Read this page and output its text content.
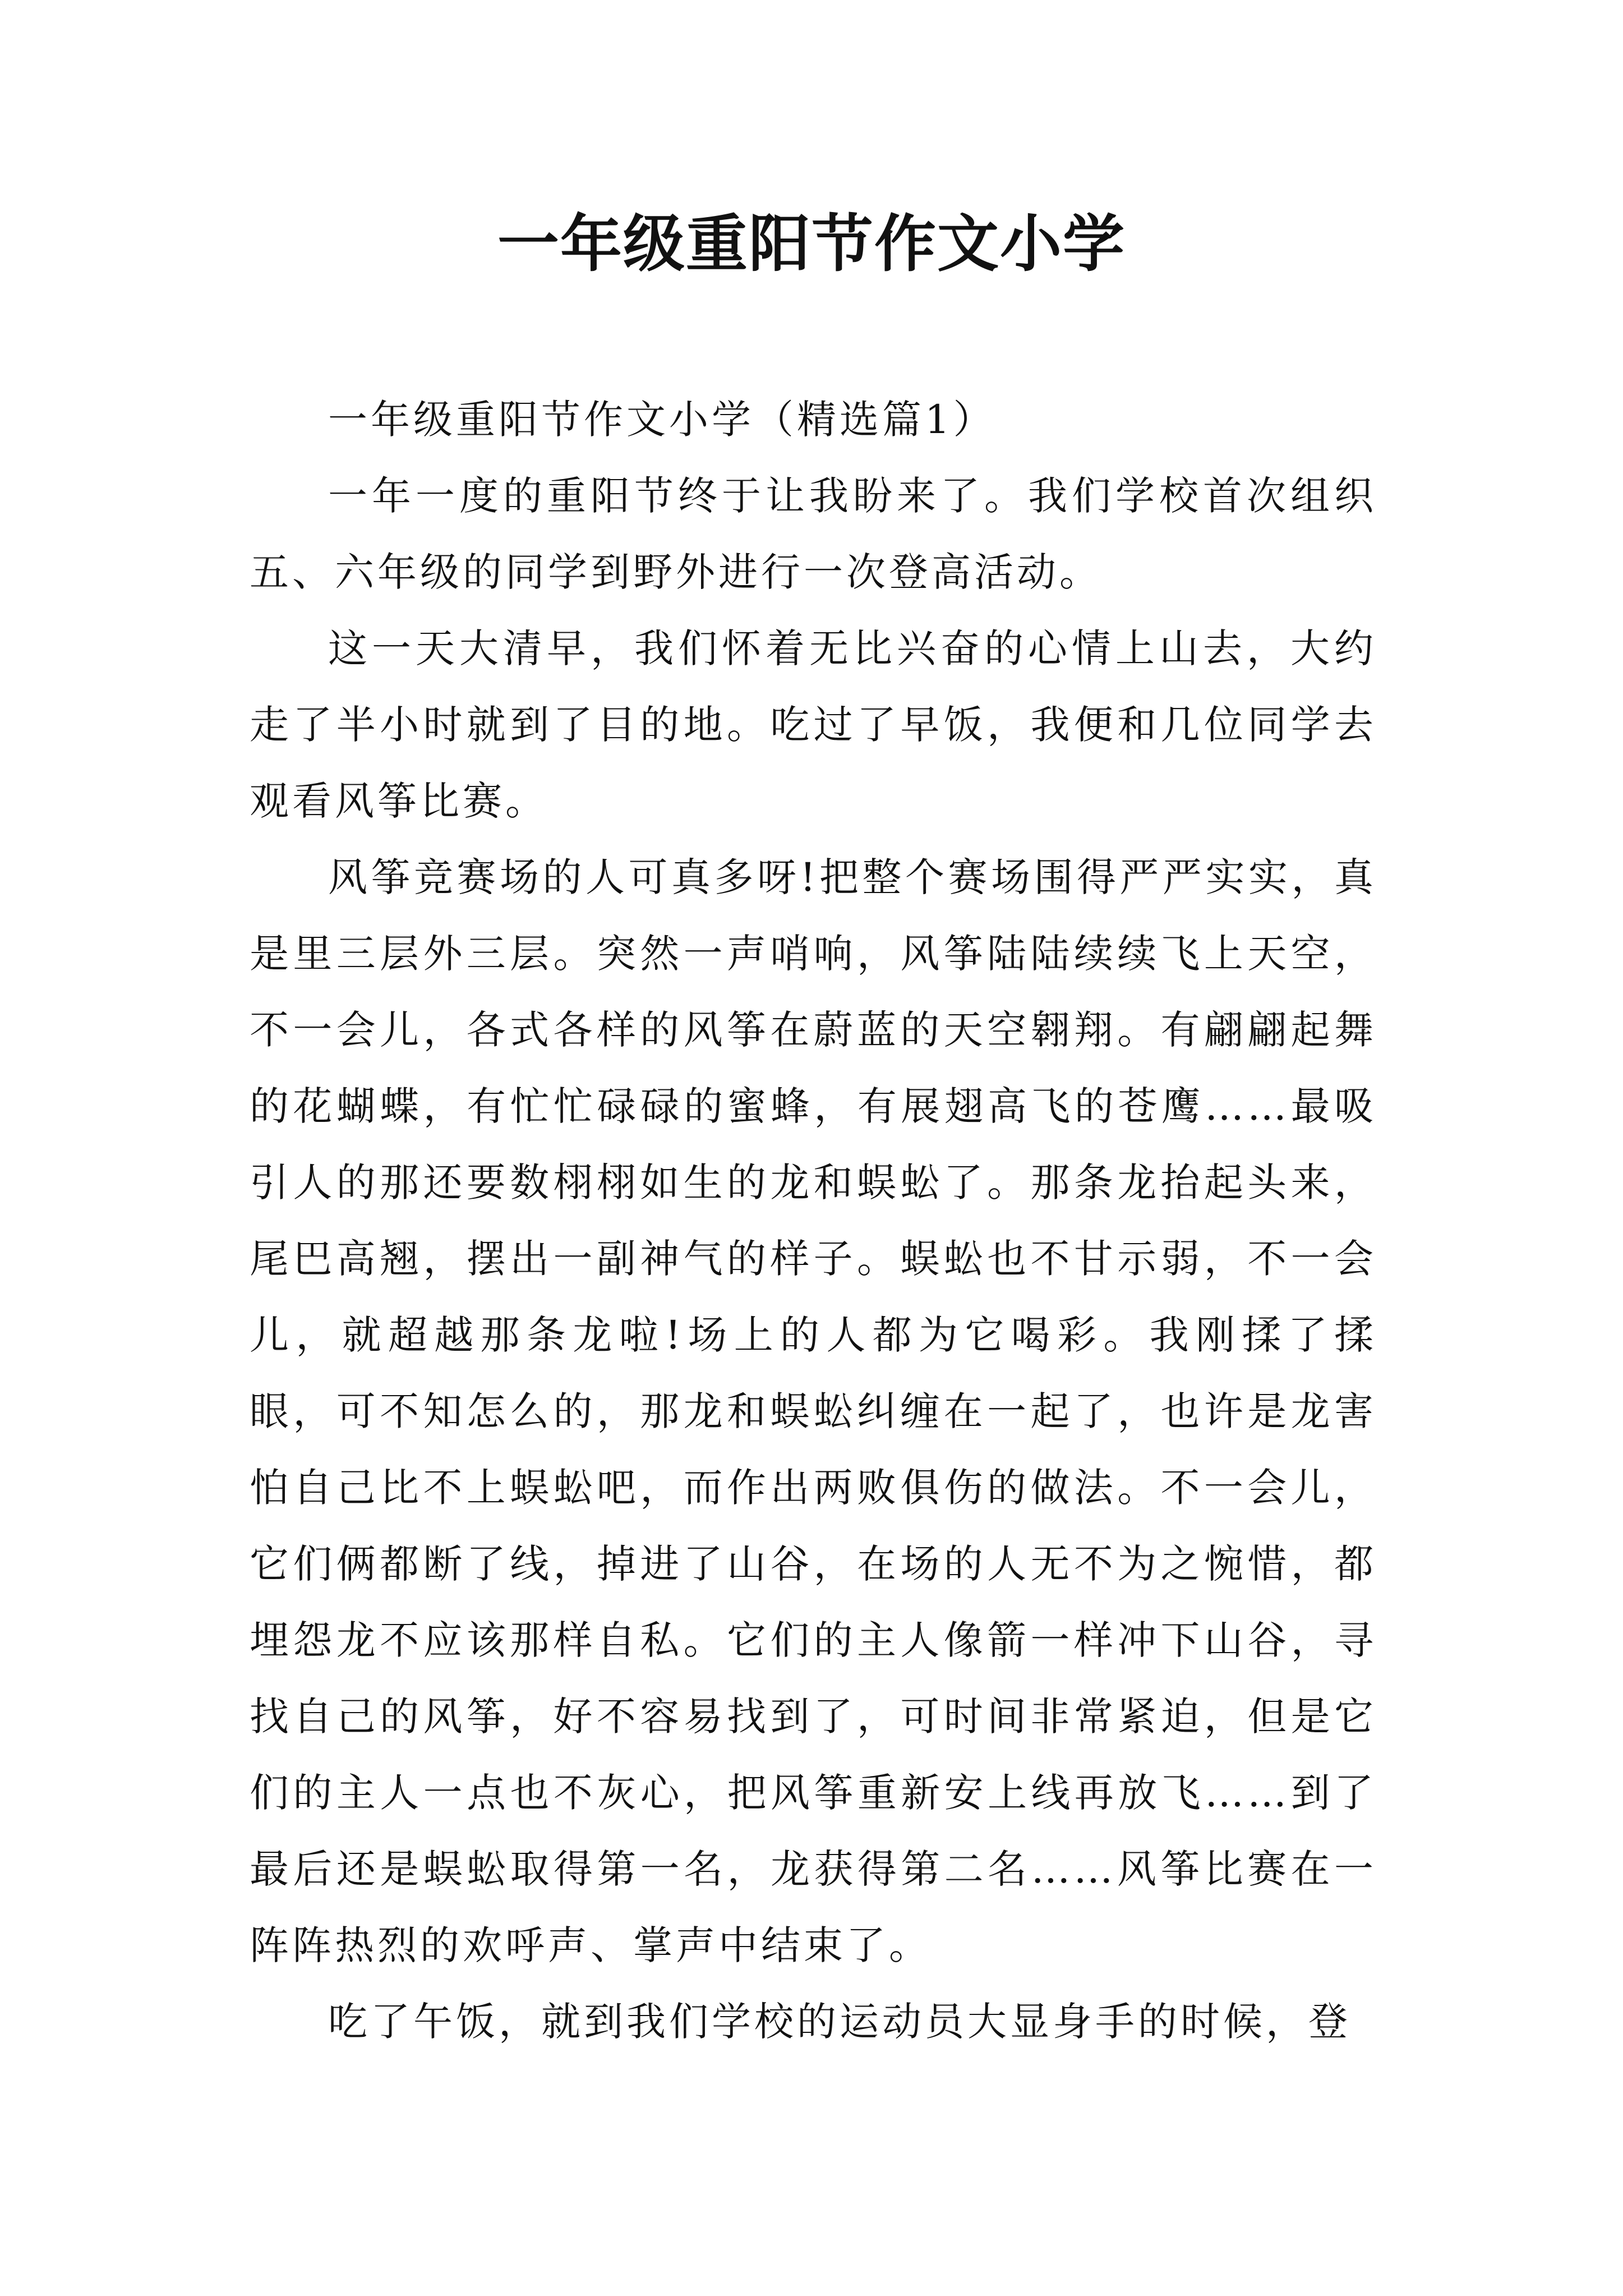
一年级重阳节作文小学

一年级重阳节作文小学（精选篇1）

一年一度的重阳节终于让我盼来了。我们学校首次组织五、六年级的同学到野外进行一次登高活动。

这一天大清早，我们怀着无比兴奋的心情上山去，大约走了半小时就到了目的地。吃过了早饭，我便和几位同学去观看风筝比赛。

风筝竞赛场的人可真多呀!把整个赛场围得严严实实，真是里三层外三层。突然一声哨响，风筝陆陆续续飞上天空，不一会儿，各式各样的风筝在蔚蓝的天空翱翔。有翩翩起舞的花蝴蝶，有忙忙碌碌的蜜蜂，有展翅高飞的苍鹰……最吸引人的那还要数栩栩如生的龙和蜈蚣了。那条龙抬起头来，尾巴高翘，摆出一副神气的样子。蜈蚣也不甘示弱，不一会儿，就超越那条龙啦!场上的人都为它喝彩。我刚揉了揉眼，可不知怎么的，那龙和蜈蚣纠缠在一起了，也许是龙害怕自己比不上蜈蚣吧，而作出两败俱伤的做法。不一会儿，它们俩都断了线，掉进了山谷，在场的人无不为之惋惜，都埋怨龙不应该那样自私。它们的主人像箭一样冲下山谷，寻找自己的风筝，好不容易找到了，可时间非常紧迫，但是它们的主人一点也不灰心，把风筝重新安上线再放飞……到了最后还是蜈蚣取得第一名，龙获得第二名……风筝比赛在一阵阵热烈的欢呼声、掌声中结束了。

吃了午饭，就到我们学校的运动员大显身手的时候，登
